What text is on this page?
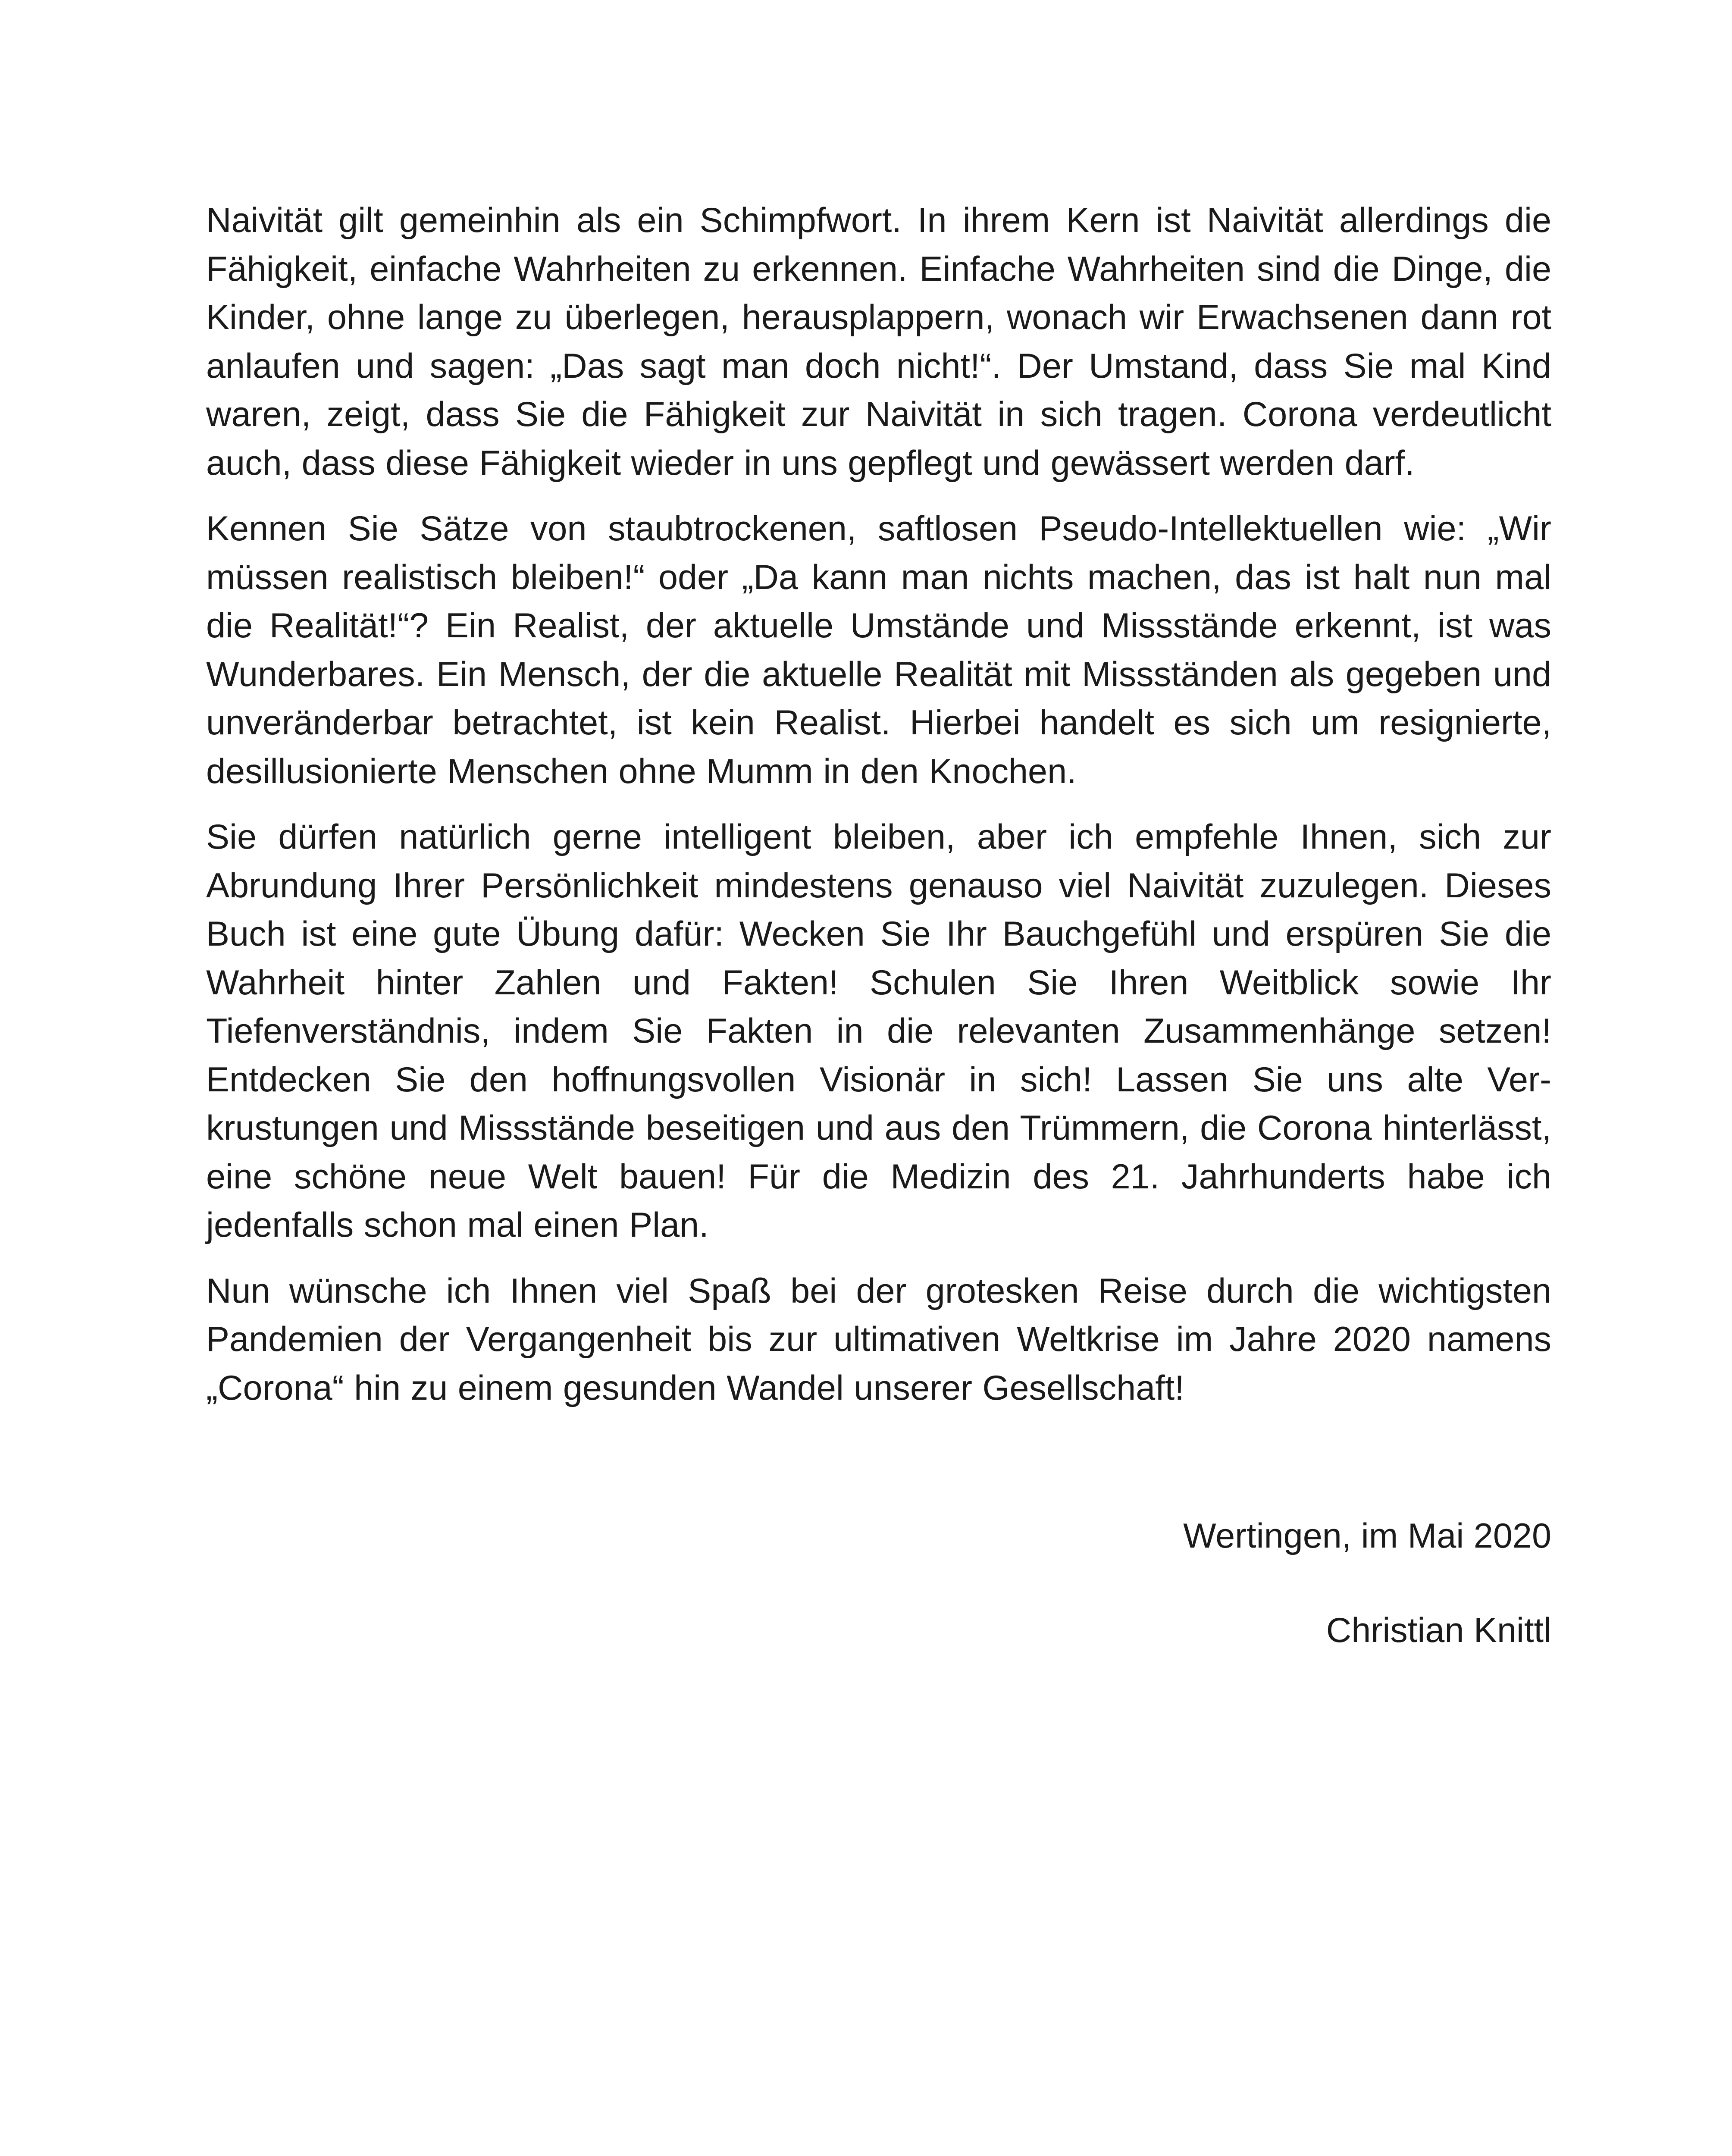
Naivität gilt gemeinhin als ein Schimpfwort. In ihrem Kern ist Naivität allerdings die Fähigkeit, einfache Wahrheiten zu erkennen. Einfache Wahrheiten sind die Dinge, die Kinder, ohne lange zu überlegen, herausplappern, wonach wir Erwachsenen dann rot anlaufen und sagen: „Das sagt man doch nicht!“. Der Umstand, dass Sie mal Kind waren, zeigt, dass Sie die Fähigkeit zur Naivität in sich tragen. Corona verdeutlicht auch, dass diese Fähigkeit wieder in uns gepflegt und gewässert werden darf.

Kennen Sie Sätze von staubtrockenen, saftlosen Pseudo-Intellektuellen wie: „Wir müssen realistisch bleiben!“ oder „Da kann man nichts machen, das ist halt nun mal die Realität!“? Ein Realist, der aktuelle Umstände und Missstände erkennt, ist was Wunderbares. Ein Mensch, der die aktuelle Realität mit Missständen als gegeben und unveränderbar betrachtet, ist kein Realist. Hierbei handelt es sich um resignierte, desillusionierte Menschen ohne Mumm in den Knochen.

Sie dürfen natürlich gerne intelligent bleiben, aber ich empfehle Ihnen, sich zur Abrundung Ihrer Persönlichkeit mindestens genauso viel Naivität zuzulegen. Dieses Buch ist eine gute Übung dafür: Wecken Sie Ihr Bauchgefühl und erspüren Sie die Wahrheit hinter Zahlen und Fakten! Schulen Sie Ihren Weitblick sowie Ihr Tiefenverständnis, indem Sie Fakten in die relevanten Zusammenhänge setzen! Entdecken Sie den hoffnungsvollen Visionär in sich! Lassen Sie uns alte Verkrustungen und Missstände beseitigen und aus den Trümmern, die Corona hinterlässt, eine schöne neue Welt bauen! Für die Medizin des 21. Jahrhunderts habe ich jedenfalls schon mal einen Plan.

Nun wünsche ich Ihnen viel Spaß bei der grotesken Reise durch die wichtigsten Pandemien der Vergangenheit bis zur ultimativen Weltkrise im Jahre 2020 namens „Corona“ hin zu einem gesunden Wandel unserer Gesellschaft!

Wertingen, im Mai 2020
Christian Knittl
